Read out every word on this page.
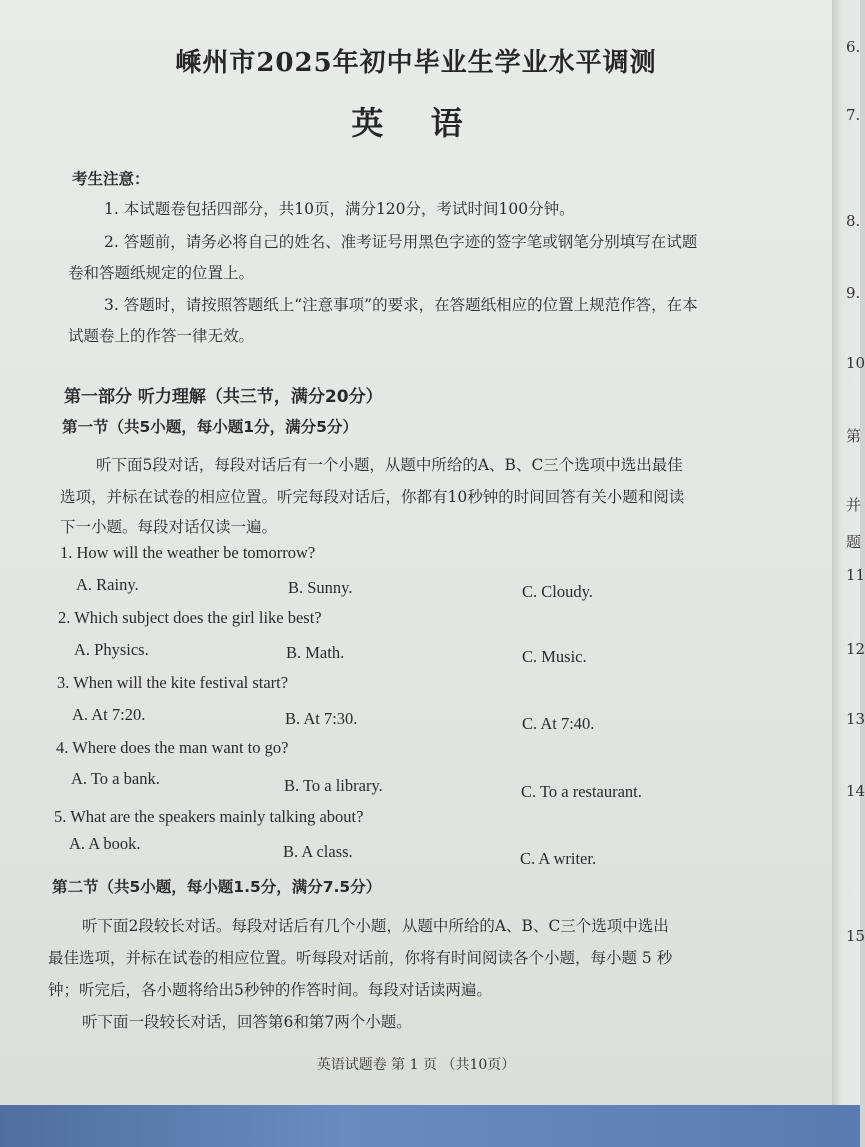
嵊州市2025年初中毕业生学业水平调测
英 语
考生注意：
1. 本试题卷包括四部分，共10页，满分120分，考试时间100分钟。
2. 答题前，请务必将自己的姓名、准考证号用黑色字迹的签字笔或钢笔分别填写在试题
卷和答题纸规定的位置上。
3. 答题时，请按照答题纸上“注意事项”的要求，在答题纸相应的位置上规范作答，在本
试题卷上的作答一律无效。
第一部分 听力理解（共三节，满分20分）
第一节（共5小题，每小题1分，满分5分）
听下面5段对话，每段对话后有一个小题，从题中所给的A、B、C三个选项中选出最佳
选项，并标在试卷的相应位置。听完每段对话后，你都有10秒钟的时间回答有关小题和阅读
下一小题。每段对话仅读一遍。
1. How will the weather be tomorrow?
A. Rainy.	B. Sunny.	C. Cloudy.
2. Which subject does the girl like best?
A. Physics.	B. Math.	C. Music.
3. When will the kite festival start?
A. At 7:20.	B. At 7:30.	C. At 7:40.
4. Where does the man want to go?
A. To a bank.	B. To a library.	C. To a restaurant.
5. What are the speakers mainly talking about?
A. A book.	B. A class.	C. A writer.
第二节（共5小题，每小题1.5分，满分7.5分）
听下面2段较长对话。每段对话后有几个小题，从题中所给的A、B、C三个选项中选出
最佳选项，并标在试卷的相应位置。听每段对话前，你将有时间阅读各个小题，每小题 5 秒
钟；听完后，各小题将给出5秒钟的作答时间。每段对话读两遍。
听下面一段较长对话，回答第6和第7两个小题。
英语试题卷 第 1 页 （共10页）
6.
7.
8.
9.
10
第
并
题
11
12
13
14
15
